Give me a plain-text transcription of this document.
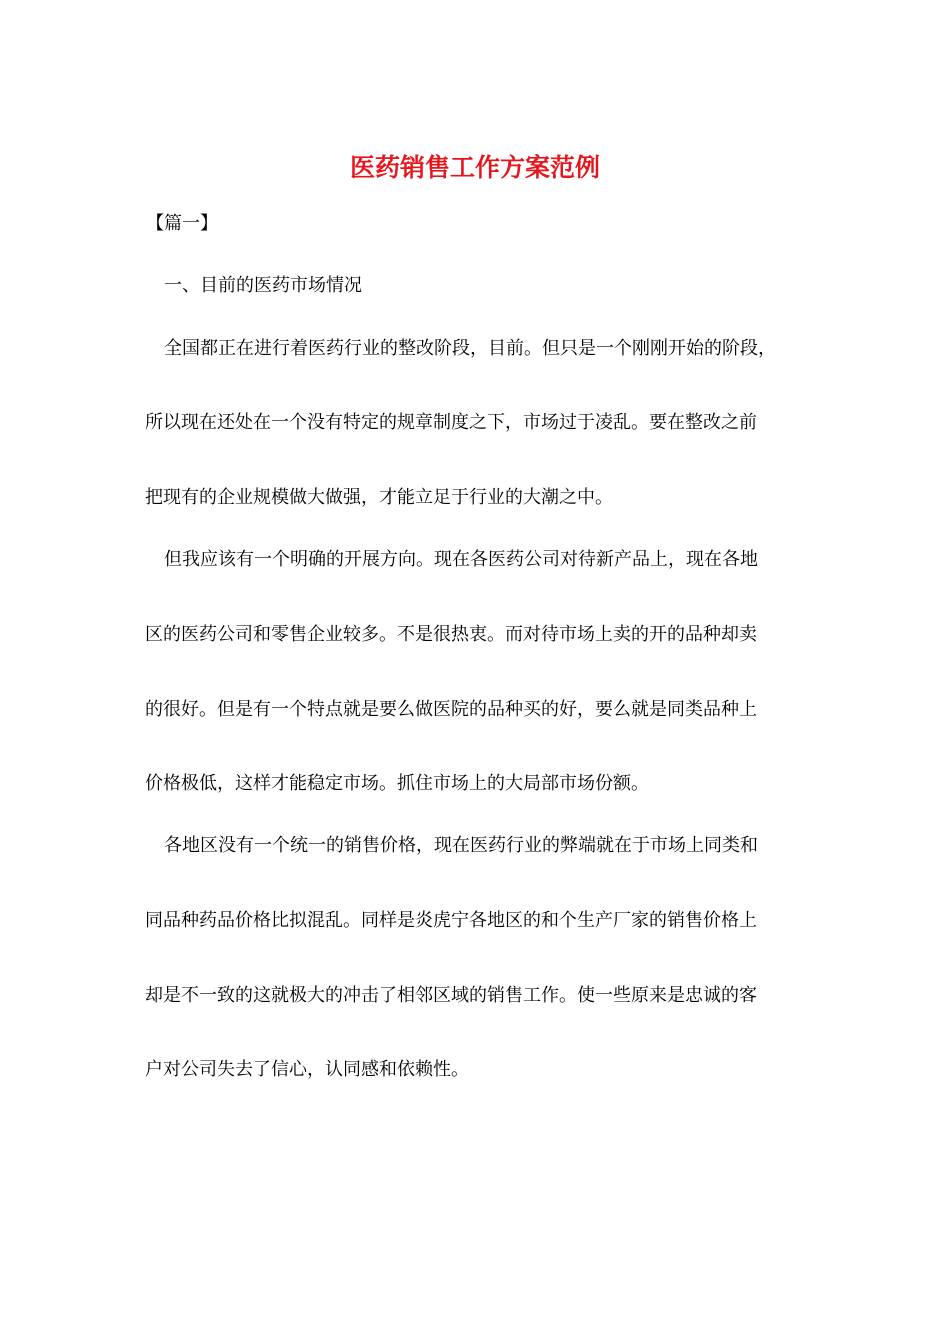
医药销售工作方案范例

【篇一】

一、目前的医药市场情况

全国都正在进行着医药行业的整改阶段，目前。但只是一个刚刚开始的阶段，

所以现在还处在一个没有特定的规章制度之下，市场过于凌乱。要在整改之前

把现有的企业规模做大做强，才能立足于行业的大潮之中。

但我应该有一个明确的开展方向。现在各医药公司对待新产品上，现在各地

区的医药公司和零售企业较多。不是很热衷。而对待市场上卖的开的品种却卖

的很好。但是有一个特点就是要么做医院的品种买的好，要么就是同类品种上

价格极低，这样才能稳定市场。抓住市场上的大局部市场份额。

各地区没有一个统一的销售价格，现在医药行业的弊端就在于市场上同类和

同品种药品价格比拟混乱。同样是炎虎宁各地区的和个生产厂家的销售价格上

却是不一致的这就极大的冲击了相邻区域的销售工作。使一些原来是忠诚的客

户对公司失去了信心，认同感和依赖性。
